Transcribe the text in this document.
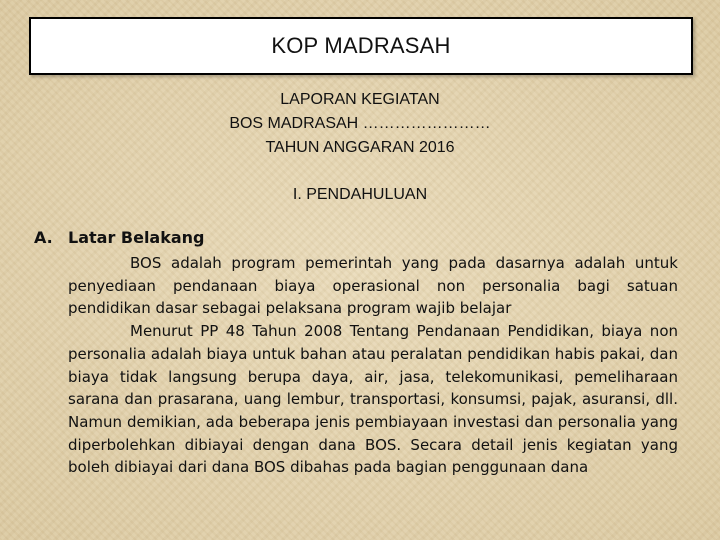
KOP MADRASAH
LAPORAN KEGIATAN
BOS MADRASAH ……………………
TAHUN ANGGARAN 2016
I. PENDAHULUAN
A. Latar Belakang

BOS adalah program pemerintah yang pada dasarnya adalah untuk penyediaan pendanaan biaya operasional non personalia bagi satuan pendidikan dasar sebagai pelaksana program wajib belajar

Menurut PP 48 Tahun 2008 Tentang Pendanaan Pendidikan, biaya non personalia adalah biaya untuk bahan atau peralatan pendidikan habis pakai, dan biaya tidak langsung berupa daya, air, jasa, telekomunikasi, pemeliharaan sarana dan prasarana, uang lembur, transportasi, konsumsi, pajak, asuransi, dll. Namun demikian, ada beberapa jenis pembiayaan investasi dan personalia yang diperbolehkan dibiayai dengan dana BOS. Secara detail jenis kegiatan yang boleh dibiayai dari dana BOS dibahas pada bagian penggunaan dana
